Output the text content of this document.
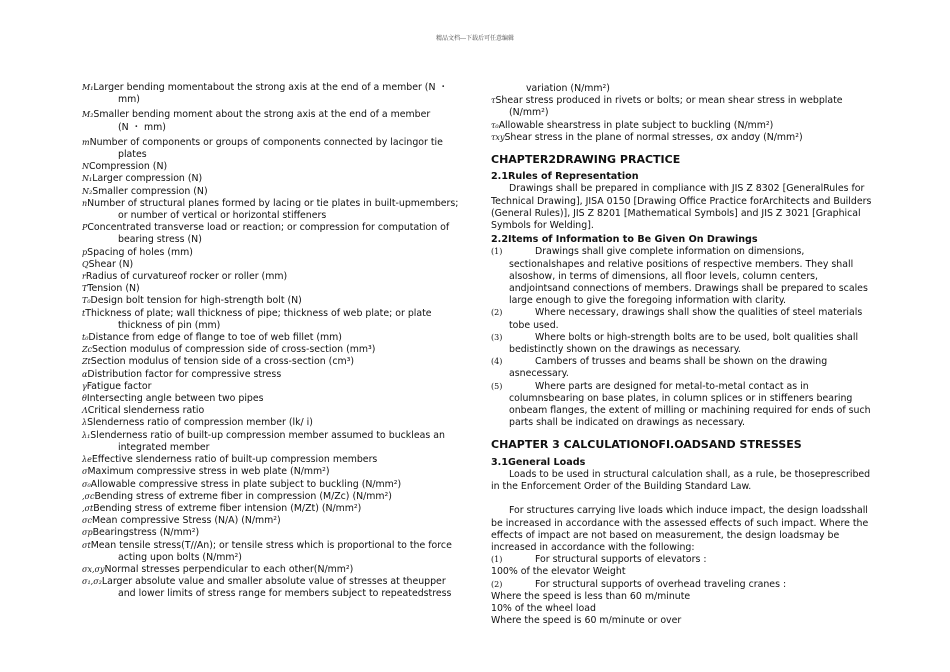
精品文档---下载后可任意编辑

M₁Larger bending momentabout the strong axis at the end of a member (N ・
mm)

M₂Smaller bending moment about the strong axis at the end of a member
(N ・ mm)

mNumber of components or groups of components connected by lacingor tie
plates

NCompression (N)

N₁Larger compression (N)

N₂Smaller compression (N)

nNumber of structural planes formed by lacing or tie plates in built-upmembers;
or number of vertical or horizontal stiffeners

PConcentrated transverse load or reaction; or compression for computation of
bearing stress (N)

pSpacing of holes (mm)

QShear (N)

rRadius of curvatureof rocker or roller (mm)

TTension (N)

T₀Design bolt tension for high-strength bolt (N)

tThickness of plate; wall thickness of pipe; thickness of web plate; or plate
thickness of pin (mm)

t₀Distance from edge of flange to toe of web fillet (mm)

ZcSection modulus of compression side of cross-section (mm³)

ZtSection modulus of tension side of a cross-section (cm³)

αDistribution factor for compressive stress

γFatigue factor

θIntersecting angle between two pipes

ΛCritical slenderness ratio

λSlenderness ratio of compression member (lk/ i)

λ₁Slenderness ratio of built-up compression member assumed to buckleas an
integrated member

λeEffective slenderness ratio of built-up compression members

σMaximum compressive stress in web plate (N/mm²)

σ₀Allowable compressive stress in plate subject to buckling (N/mm²)

,σcBending stress of extreme fiber in compression (M/Zc) (N/mm²)

,σtBending stress of extreme fiber intension (M/Zt) (N/mm²)

σcMean compressive Stress (N/A) (N/mm²)

σpBearingstress (N/mm²)

σtMean tensile stress(T//An); or tensile stress which is proportional to the force
acting upon bolts (N/mm²)

σx,σyNormal stresses perpendicular to each other(N/mm²)

σ₁,σ₂Larger absolute value and smaller absolute value of stresses at theupper
and lower limits of stress range for members subject to repeatedstress

variation (N/mm²)

τShear stress produced in rivets or bolts; or mean shear stress in webplate
(N/mm²)

τ₀Allowable shearstress in plate subject to buckling (N/mm²)

τxyShear stress in the plane of normal stresses, σx andσy (N/mm²)

CHAPTER2DRAWING PRACTICE
2.1Rules of Representation

Drawings shall be prepared in compliance with JIS Z 8302 [GeneralRules for Technical Drawing], JISA 0150 [Drawing Office Practice forArchitects and Builders (General Rules)], JIS Z 8201 [Mathematical Symbols] and JIS Z 3021 [Graphical Symbols for Welding].

2.2Items of Information to Be Given On Drawings

(1)	Drawings shall give complete information on dimensions, sectionalshapes and relative positions of respective members. They shall alsoshow, in terms of dimensions, all floor levels, column centers, andjointsand connections of members. Drawings shall be prepared to scales large enough to give the foregoing information with clarity.

(2)	Where necessary, drawings shall show the qualities of steel materials tobe used.

(3)	Where bolts or high-strength bolts are to be used, bolt qualities shall bedistinctly shown on the drawings as necessary.

(4)	Cambers of trusses and beams shall be shown on the drawing asnecessary.

(5)	Where parts are designed for metal-to-metal contact as in columnsbearing on base plates, in column splices or in stiffeners bearing onbeam flanges, the extent of milling or machining required for ends of such parts shall be indicated on drawings as necessary.

CHAPTER 3 CALCULATIONOFI.OADSAND STRESSES
3.1General Loads

Loads to be used in structural calculation shall, as a rule, be thoseprescribed in the Enforcement Order of the Building Standard Law.

For structures carrying live loads which induce impact, the design loadsshall be increased in accordance with the assessed effects of such impact. Where the effects of impact are not based on measurement, the design loadsmay be increased in accordance with the following:

(1)	For structural supports of elevators :

100% of the elevator Weight

(2)	For structural supports of overhead traveling cranes :

Where the speed is less than 60 m/minute

10% of the wheel load

Where the speed is 60 m/minute or over
